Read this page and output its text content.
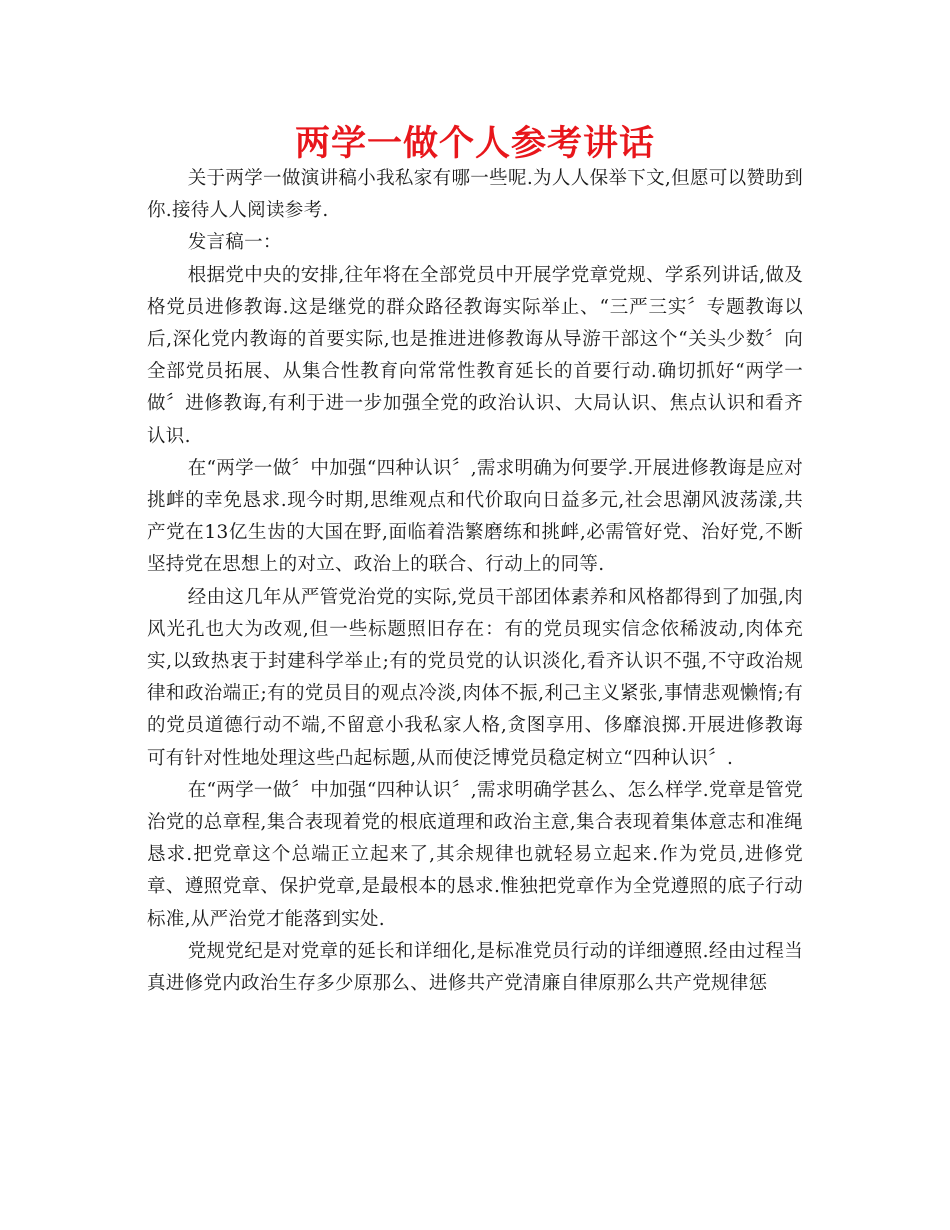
两学一做个人参考讲话

关于两学一做演讲稿小我私家有哪一些呢.为人人保举下文,但愿可以赞助到你.接待人人阅读参考.

发言稿一：

根据党中央的安排,往年将在全部党员中开展学党章党规、学系列讲话,做及格党员进修教诲.这是继党的群众路径教诲实际举止、“三严三实〞专题教诲以后,深化党内教诲的首要实际,也是推进进修教诲从导游干部这个“关头少数〞向全部党员拓展、从集合性教育向常常性教育延长的首要行动.确切抓好“两学一做〞进修教诲,有利于进一步加强全党的政治认识、大局认识、焦点认识和看齐认识.

在“两学一做〞中加强“四种认识〞,需求明确为何要学.开展进修教诲是应对挑衅的幸免恳求.现今时期,思维观点和代价取向日益多元,社会思潮风波荡漾,共产党在13亿生齿的大国在野,面临着浩繁磨练和挑衅,必需管好党、治好党,不断坚持党在思想上的对立、政治上的联合、行动上的同等.

经由这几年从严管党治党的实际,党员干部团体素养和风格都得到了加强,肉风光孔也大为改观,但一些标题照旧存在：有的党员现实信念依稀波动,肉体充实,以致热衷于封建科学举止;有的党员党的认识淡化,看齐认识不强,不守政治规律和政治端正;有的党员目的观点冷淡,肉体不振,利己主义紧张,事情悲观懒惰;有的党员道德行动不端,不留意小我私家人格,贪图享用、侈靡浪掷.开展进修教诲可有针对性地处理这些凸起标题,从而使泛博党员稳定树立“四种认识〞.

在“两学一做〞中加强“四种认识〞,需求明确学甚么、怎么样学.党章是管党治党的总章程,集合表现着党的根底道理和政治主意,集合表现着集体意志和准绳恳求.把党章这个总端正立起来了,其余规律也就轻易立起来.作为党员,进修党章、遵照党章、保护党章,是最根本的恳求.惟独把党章作为全党遵照的底子行动标准,从严治党才能落到实处.

党规党纪是对党章的延长和详细化,是标准党员行动的详细遵照.经由过程当真进修党内政治生存多少原那么、进修共产党清廉自律原那么共产党规律惩
